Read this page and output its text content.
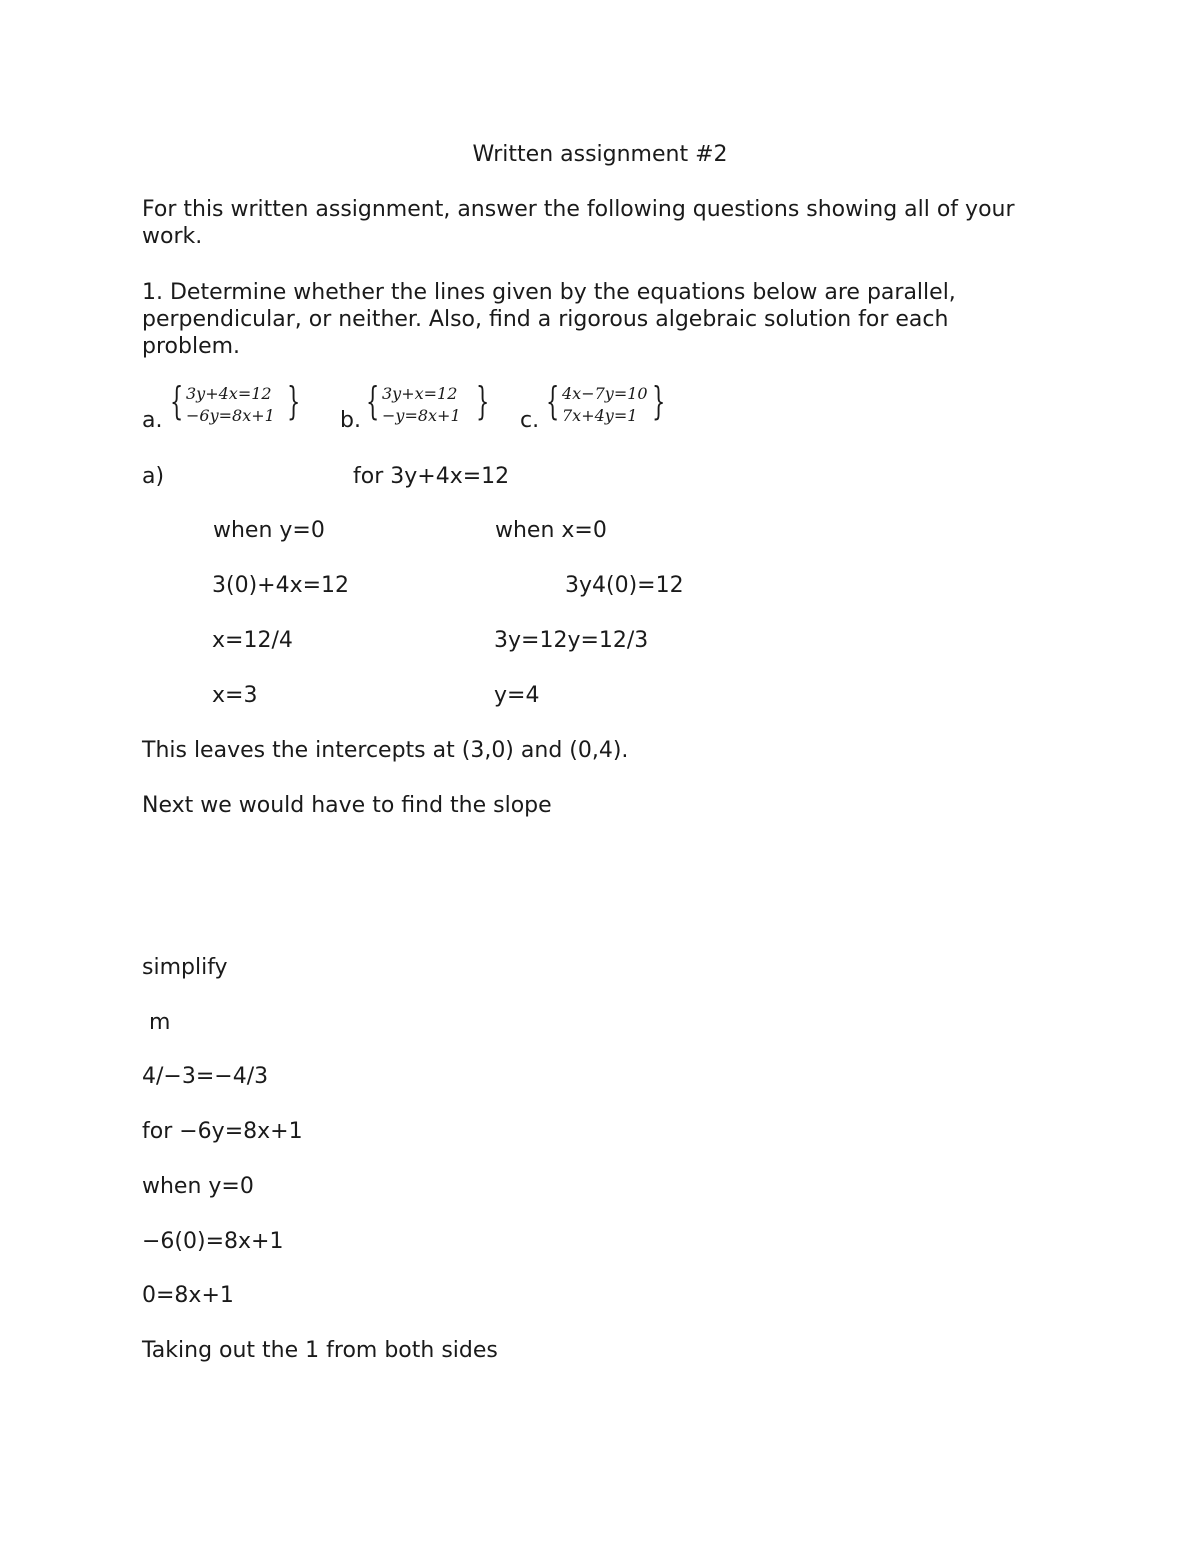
Written assignment #2

For this written assignment, answer the following questions showing all of your work.

1. Determine whether the lines given by the equations below are parallel, perpendicular, or neither. Also, find a rigorous algebraic solution for each problem.

a. { 3y+4x=12
−6y=8x+1 } b. { 3y+x=12
−y=8x+1 } c. { 4x−7y=10
7x+4y=1 }

a)	for 3y+4x=12

when y=0	when x=0

3(0)+4x=12	3y4(0)=12

x=12/4	3y=12y=12/3

x=3	y=4

This leaves the intercepts at (3,0) and (0,4).

Next we would have to find the slope

simplify

m

4/−3=−4/3

for −6y=8x+1

when y=0

−6(0)=8x+1

0=8x+1

Taking out the 1 from both sides
